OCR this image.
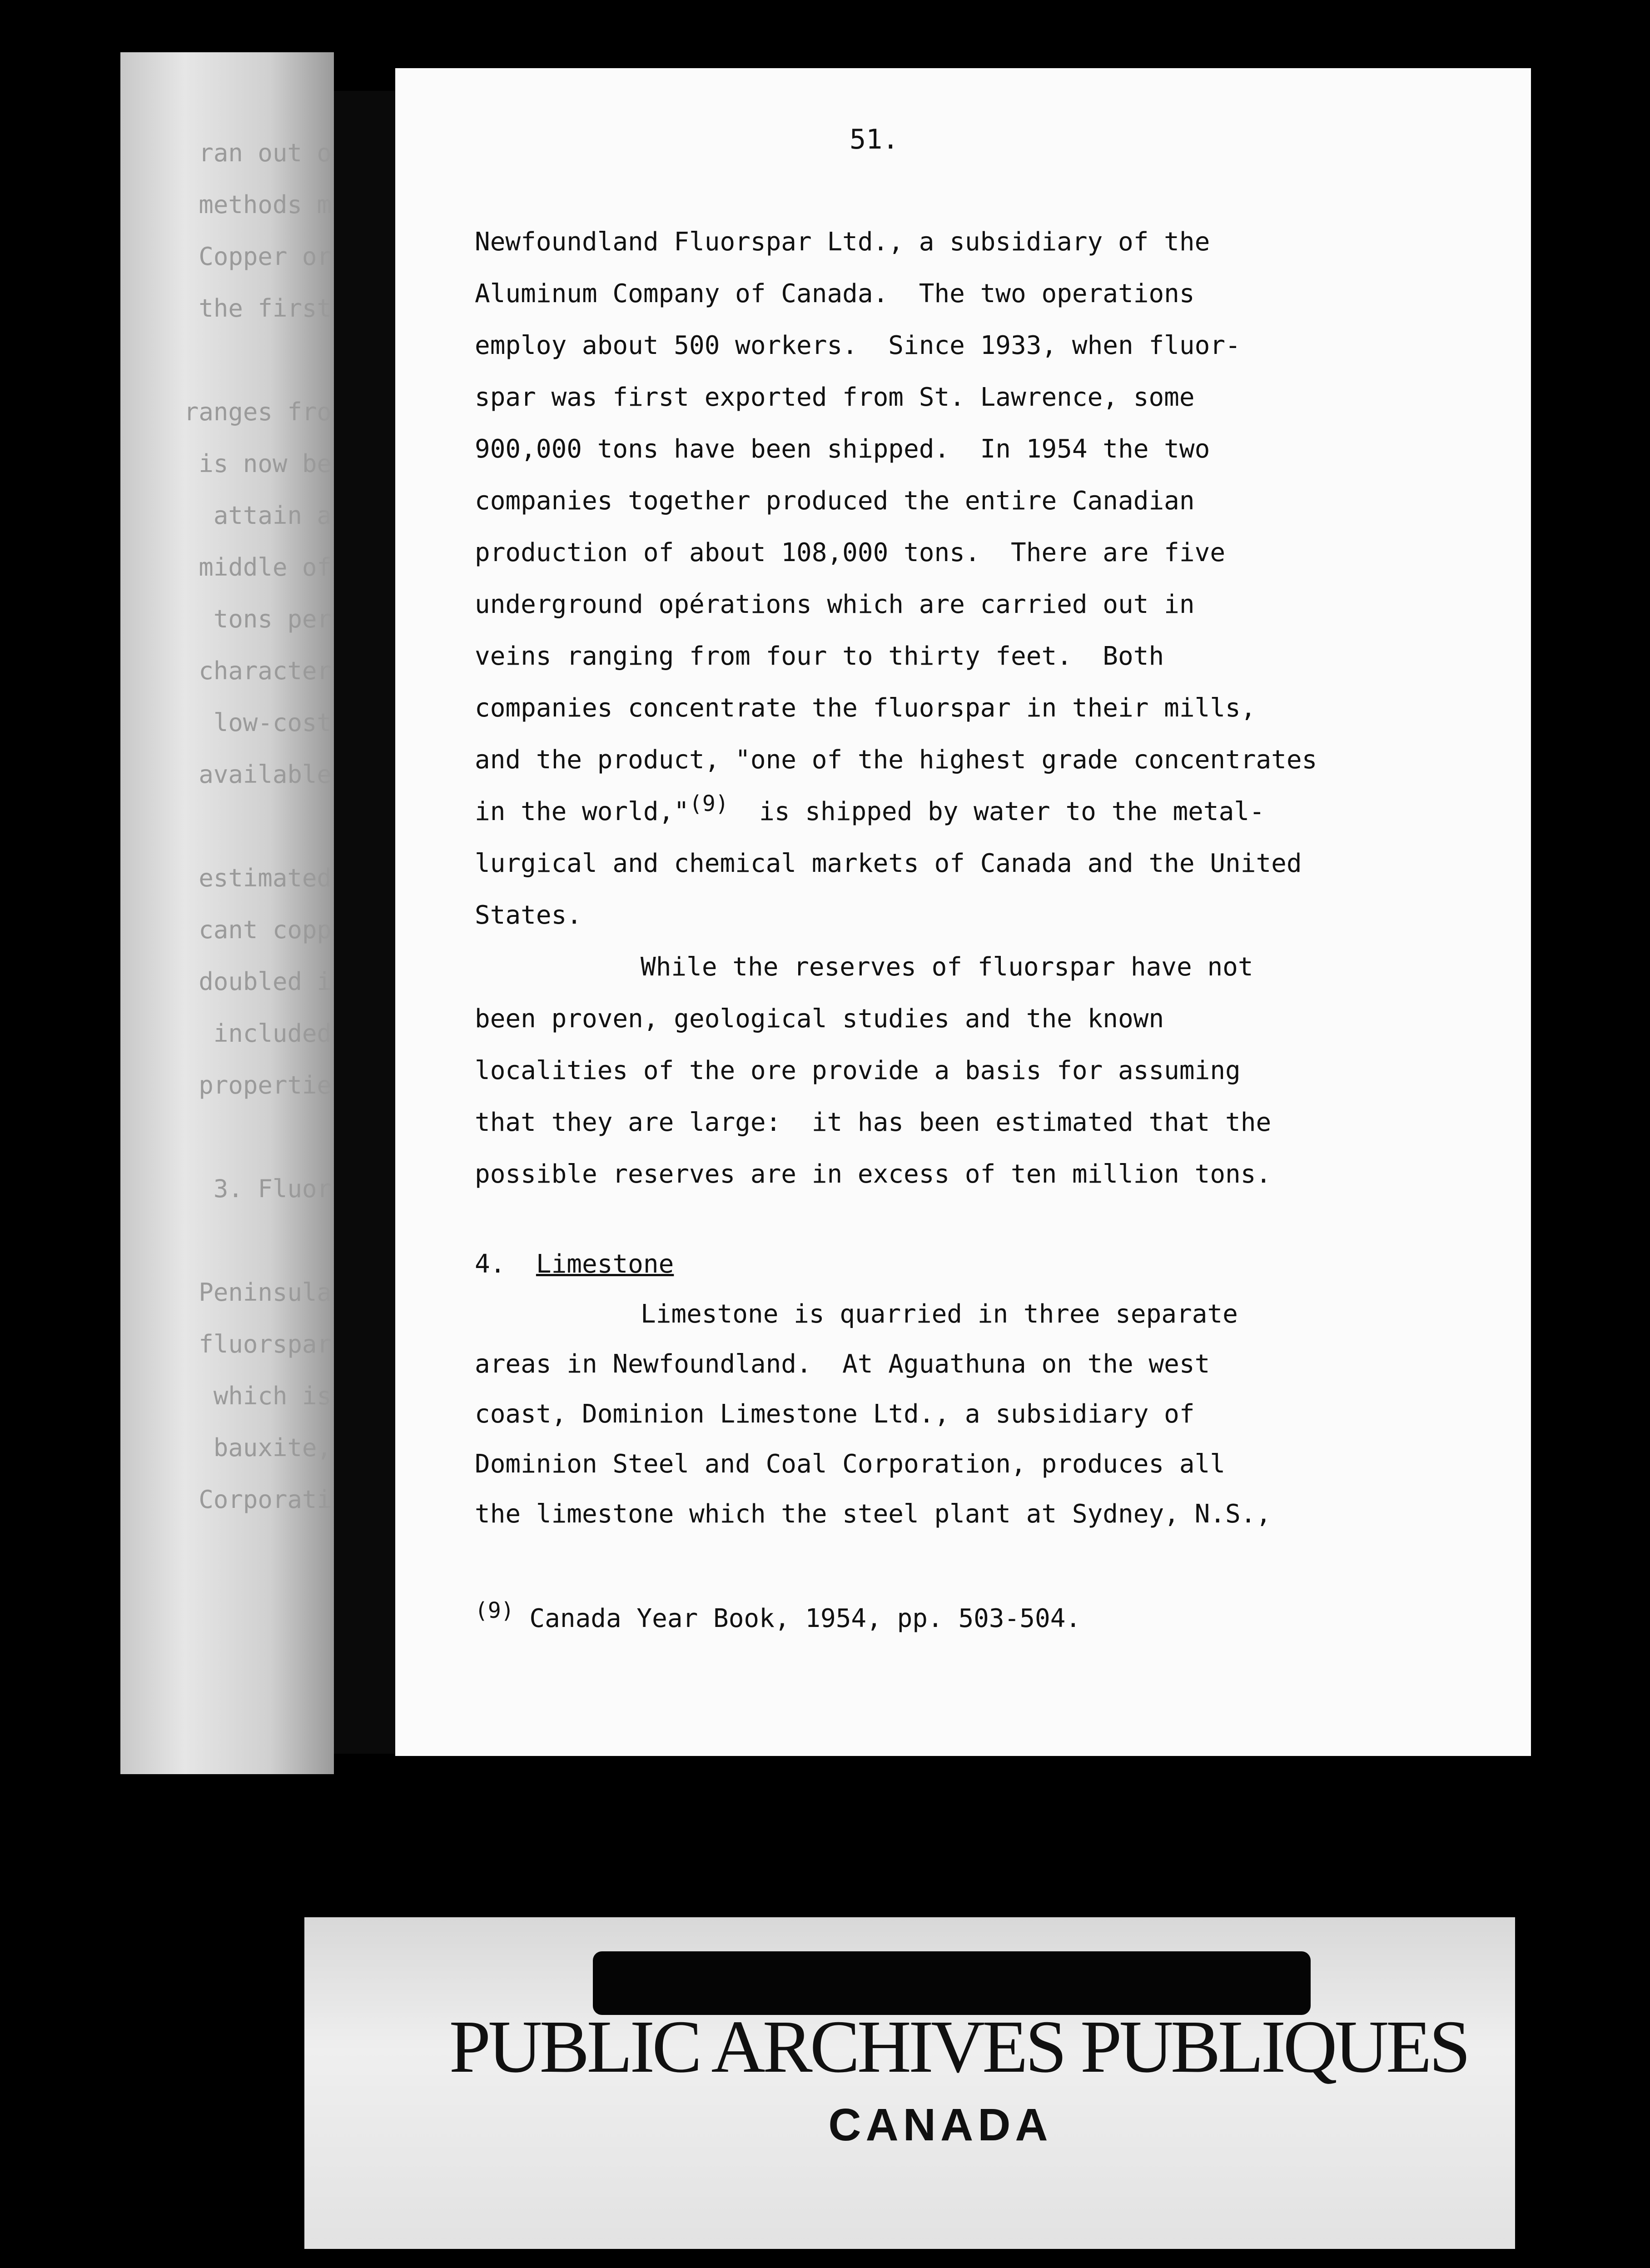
ran out o
methods m
Copper or
the first

ranges fro
is now be
attain a
middle of
tons per
character
low-cost
available

estimated
cant copp
doubled i
included
propertie

3. Fluor

Peninsula
fluorspar
which is
bauxite,
Corporati
51.
Newfoundland Fluorspar Ltd., a subsidiary of the
Aluminum Company of Canada.  The two operations
employ about 500 workers.  Since 1933, when fluor-
spar was first exported from St. Lawrence, some
900,000 tons have been shipped.  In 1954 the two
companies together produced the entire Canadian
production of about 108,000 tons.  There are five
underground opérations which are carried out in
veins ranging from four to thirty feet.  Both
companies concentrate the fluorspar in their mills,
and the product, "one of the highest grade concentrates
in the world,"(9) is shipped by water to the metal-
lurgical and chemical markets of Canada and the United
States.
While the reserves of fluorspar have not
been proven, geological studies and the known
localities of the ore provide a basis for assuming
that they are large:  it has been estimated that the
possible reserves are in excess of ten million tons.
4. Limestone
Limestone is quarried in three separate
areas in Newfoundland.  At Aguathuna on the west
coast, Dominion Limestone Ltd., a subsidiary of
Dominion Steel and Coal Corporation, produces all
the limestone which the steel plant at Sydney, N.S.,
(9) Canada Year Book, 1954, pp. 503-504.
PUBLIC ARCHIVES PUBLIQUES
CANADA
